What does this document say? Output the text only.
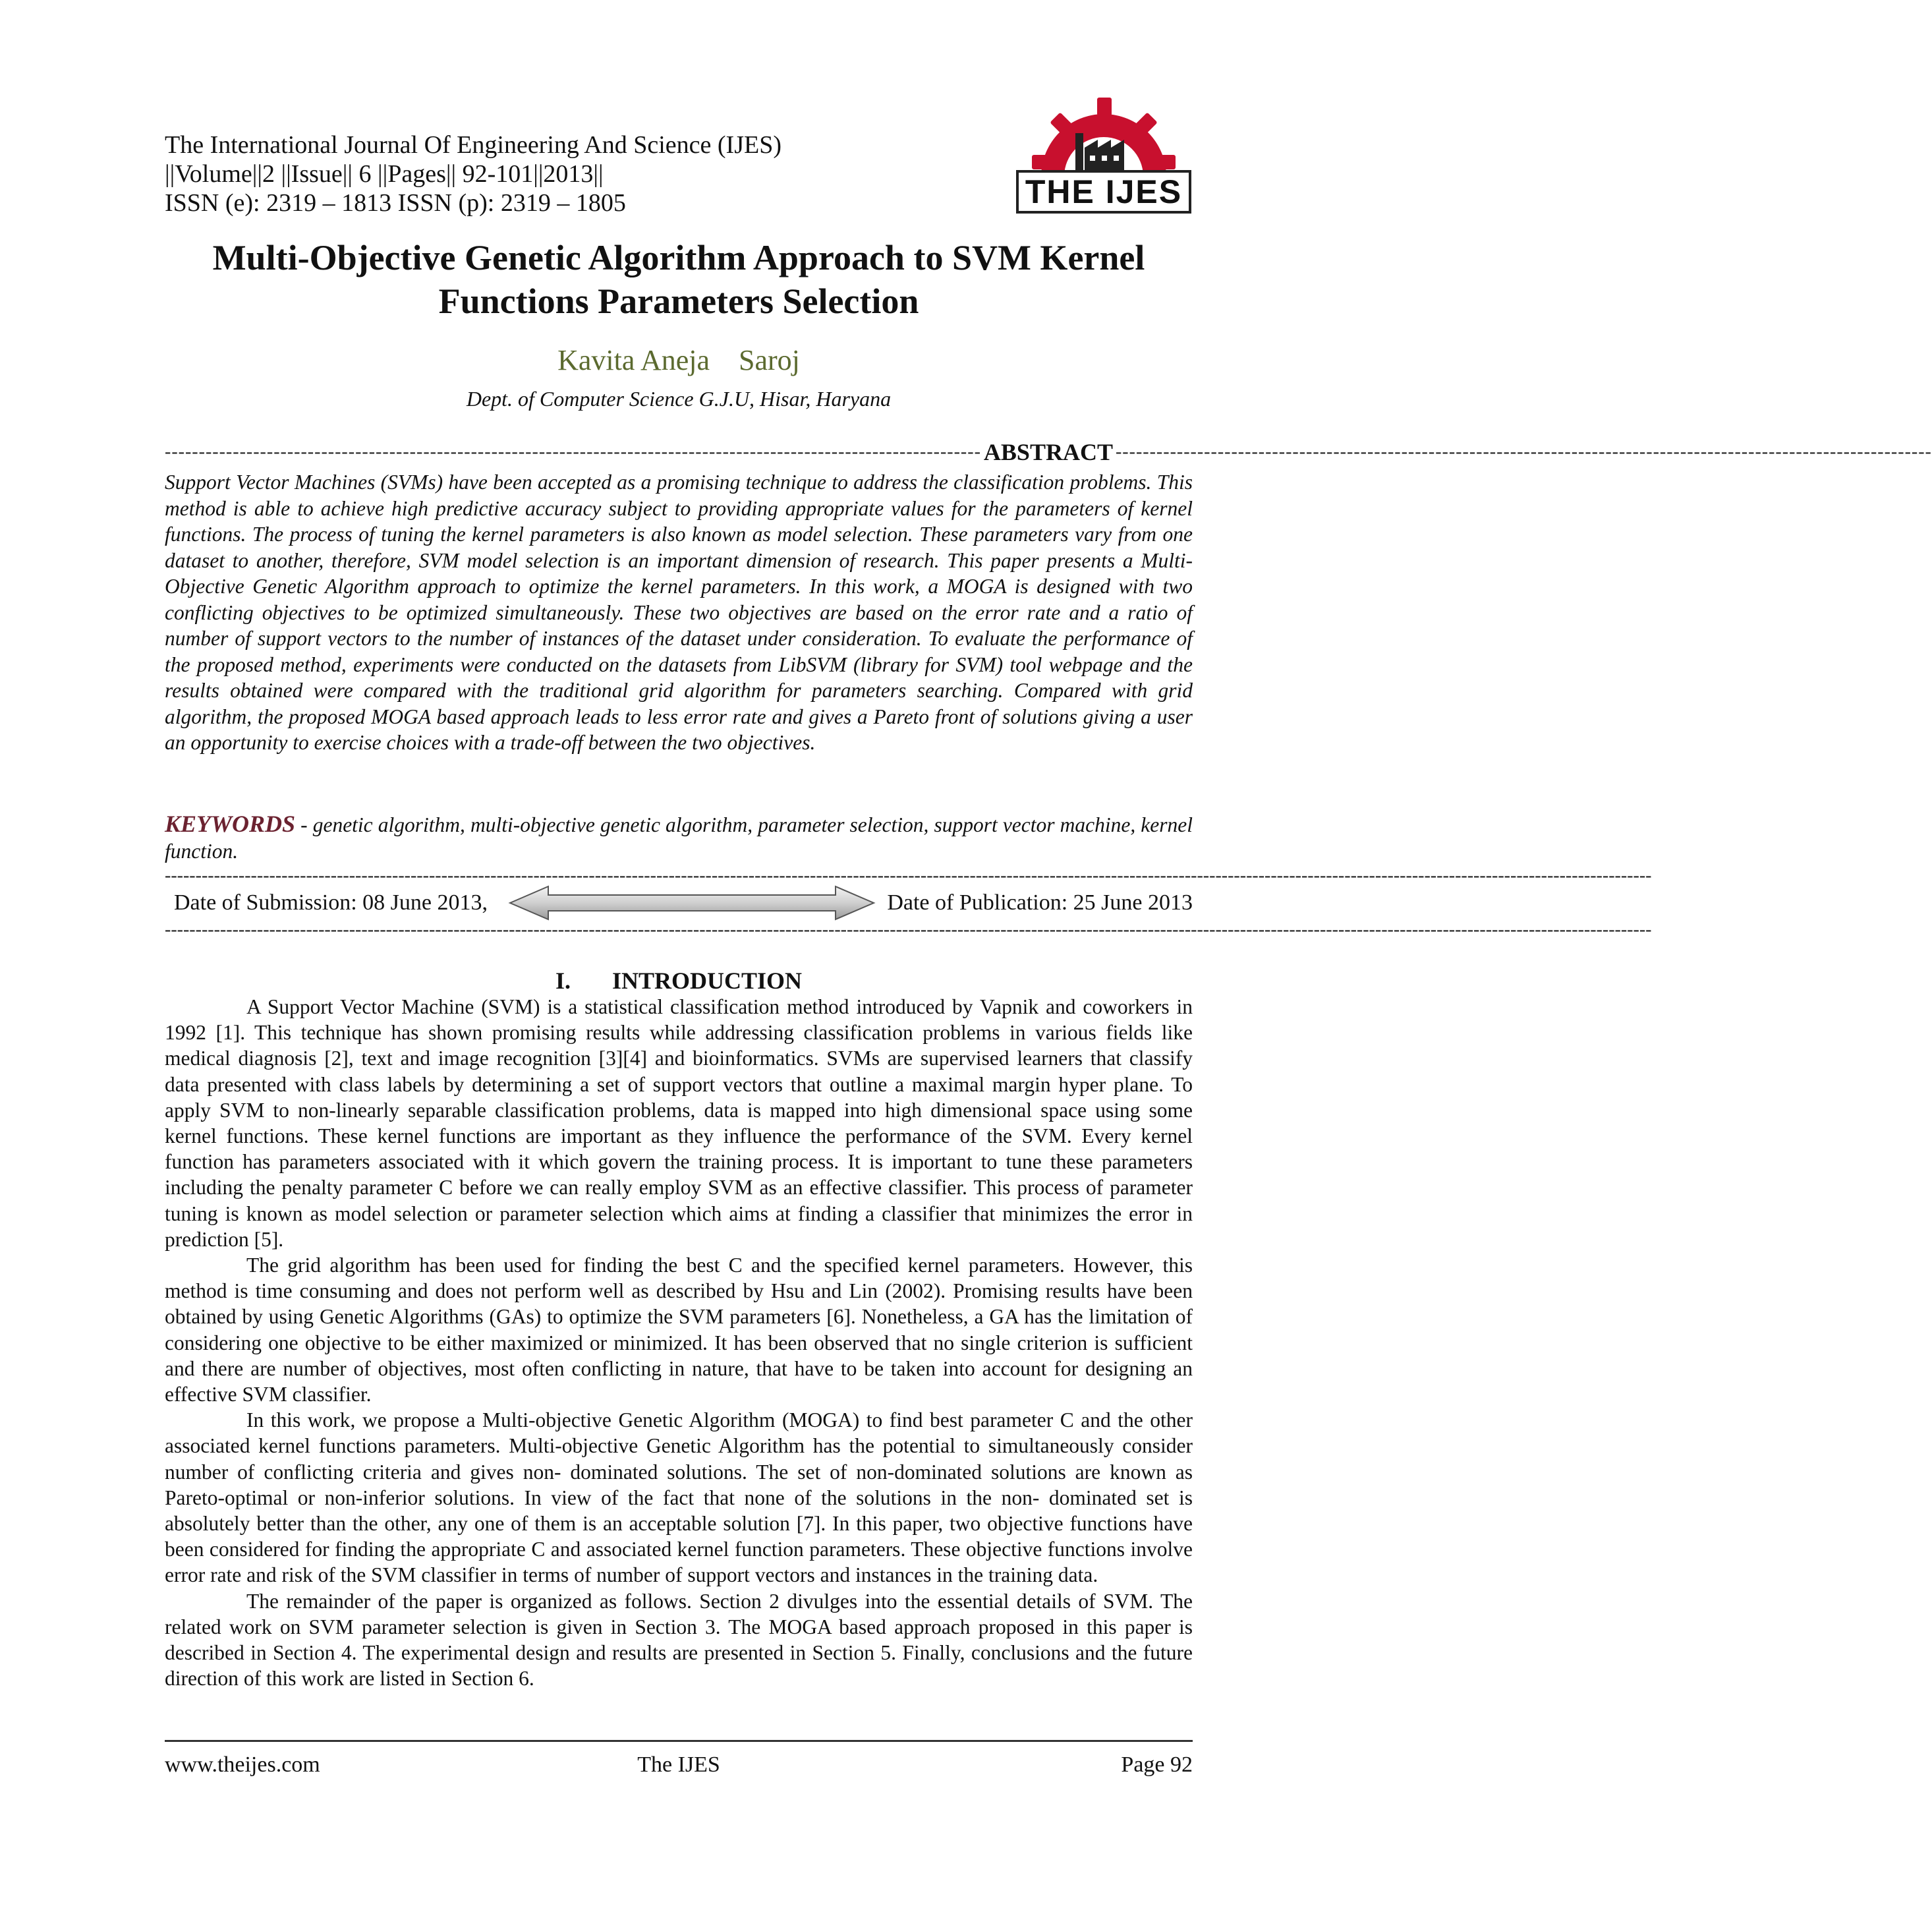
The International Journal Of Engineering And Science (IJES)
||Volume||2 ||Issue|| 6 ||Pages|| 92-101||2013||
ISSN (e): 2319 – 1813 ISSN (p): 2319 – 1805	THE IJES
Multi-Objective Genetic Algorithm Approach to SVM Kernel Functions Parameters Selection
Kavita Aneja    Saroj
Dept. of Computer Science G.J.U, Hisar, Haryana
------------------------------------------------------------------------------------------------------------------------ ABSTRACT ------------------------------------------------------------------------------------------------------------------------
Support Vector Machines (SVMs) have been accepted as a promising technique to address the classification problems. This method is able to achieve high predictive accuracy subject to providing appropriate values for the parameters of kernel functions. The process of tuning the kernel parameters is also known as model selection. These parameters vary from one dataset to another, therefore, SVM model selection is an important dimension of research. This paper presents a Multi-Objective Genetic Algorithm approach to optimize the kernel parameters. In this work, a MOGA is designed with two conflicting objectives to be optimized simultaneously. These two objectives are based on the error rate and a ratio of number of support vectors to the number of instances of the dataset under consideration. To evaluate the performance of the proposed method, experiments were conducted on the datasets from LibSVM (library for SVM) tool webpage and the results obtained were compared with the traditional grid algorithm for parameters searching. Compared with grid algorithm, the proposed MOGA based approach leads to less error rate and gives a Pareto front of solutions giving a user an opportunity to exercise choices with a trade-off between the two objectives.
KEYWORDS - genetic algorithm, multi-objective genetic algorithm, parameter selection, support vector machine, kernel function.
--------------------------------------------------------------------------------------------------------------------------------------------------------------------------------------------------------------------------------------------------
Date of Submission: 08 June 2013,	Date of Publication: 25 June 2013
--------------------------------------------------------------------------------------------------------------------------------------------------------------------------------------------------------------------------------------------------
I.       INTRODUCTION

A Support Vector Machine (SVM) is a statistical classification method introduced by Vapnik and coworkers in 1992 [1]. This technique has shown promising results while addressing classification problems in various fields like medical diagnosis [2], text and image recognition [3][4] and bioinformatics. SVMs are supervised learners that classify data presented with class labels by determining a set of support vectors that outline a maximal margin hyper plane. To apply SVM to non-linearly separable classification problems, data is mapped into high dimensional space using some kernel functions. These kernel functions are important as they influence the performance of the SVM. Every kernel function has parameters associated with it which govern the training process. It is important to tune these parameters including the penalty parameter C before we can really employ SVM as an effective classifier. This process of parameter tuning is known as model selection or parameter selection which aims at finding a classifier that minimizes the error in prediction [5].

The grid algorithm has been used for finding the best C and the specified kernel parameters. However, this method is time consuming and does not perform well as described by Hsu and Lin (2002). Promising results have been obtained by using Genetic Algorithms (GAs) to optimize the SVM parameters [6]. Nonetheless, a GA has the limitation of considering one objective to be either maximized or minimized. It has been observed that no single criterion is sufficient and there are number of objectives, most often conflicting in nature, that have to be taken into account for designing an effective SVM classifier.

In this work, we propose a Multi-objective Genetic Algorithm (MOGA) to find best parameter C and the other associated kernel functions parameters. Multi-objective Genetic Algorithm has the potential to simultaneously consider number of conflicting criteria and gives non- dominated solutions. The set of non-dominated solutions are known as Pareto-optimal or non-inferior solutions. In view of the fact that none of the solutions in the non- dominated set is absolutely better than the other, any one of them is an acceptable solution [7]. In this paper, two objective functions have been considered for finding the appropriate C and associated kernel function parameters. These objective functions involve error rate and risk of the SVM classifier in terms of number of support vectors and instances in the training data.

The remainder of the paper is organized as follows. Section 2 divulges into the essential details of SVM. The related work on SVM parameter selection is given in Section 3. The MOGA based approach proposed in this paper is described in Section 4. The experimental design and results are presented in Section 5. Finally, conclusions and the future direction of this work are listed in Section 6.

www.theijes.com	The IJES	Page 92
